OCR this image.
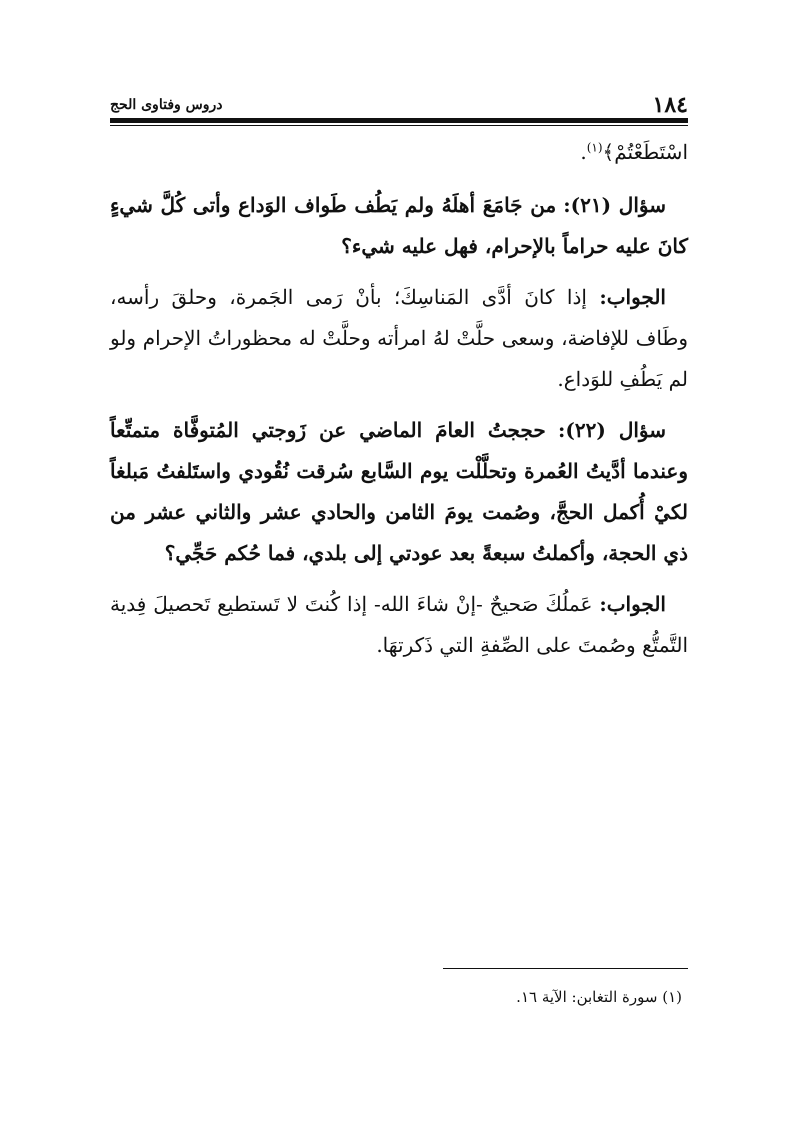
١٨٤
دروس وفتاوى الحج

اسْتَطَعْتُمْ﴾$^{(١)}$.

سؤال (٢١): من جَامَعَ أهلَهُ ولم يَطُف طَواف الوَداع وأتى كُلَّ شيءٍ كانَ عليه حراماً بالإحرام، فهل عليه شيء؟

الجواب: إذا كانَ أدَّى المَناسِكَ؛ بأنْ رَمى الجَمرة، وحلقَ رأسه، وطَاف للإفاضة، وسعى حلَّتْ لهُ امرأته وحلَّتْ له محظوراتُ الإحرام ولو لم يَطُفِ للوَداع.

سؤال (٢٢): حججتُ العامَ الماضي عن زَوجتي المُتوفَّاة متمتِّعاً وعندما أدَّيتُ العُمرة وتحلَّلْت يوم السَّابع سُرقت نُقُودي واستَلفتُ مَبلغاً لكيْ أُكمل الحجَّ، وصُمت يومَ الثامن والحادي عشر والثاني عشر من ذي الحجة، وأكملتُ سبعةً بعد عودتي إلى بلدي، فما حُكم حَجِّي؟

الجواب: عَملُكَ صَحيحٌ -إنْ شاءَ الله- إذا كُنتَ لا تَستطيع تَحصيلَ فِدية التَّمتُّع وصُمتَ على الصِّفةِ التي ذَكرتهَا.

(١) سورة التغابن: الآية ١٦.
